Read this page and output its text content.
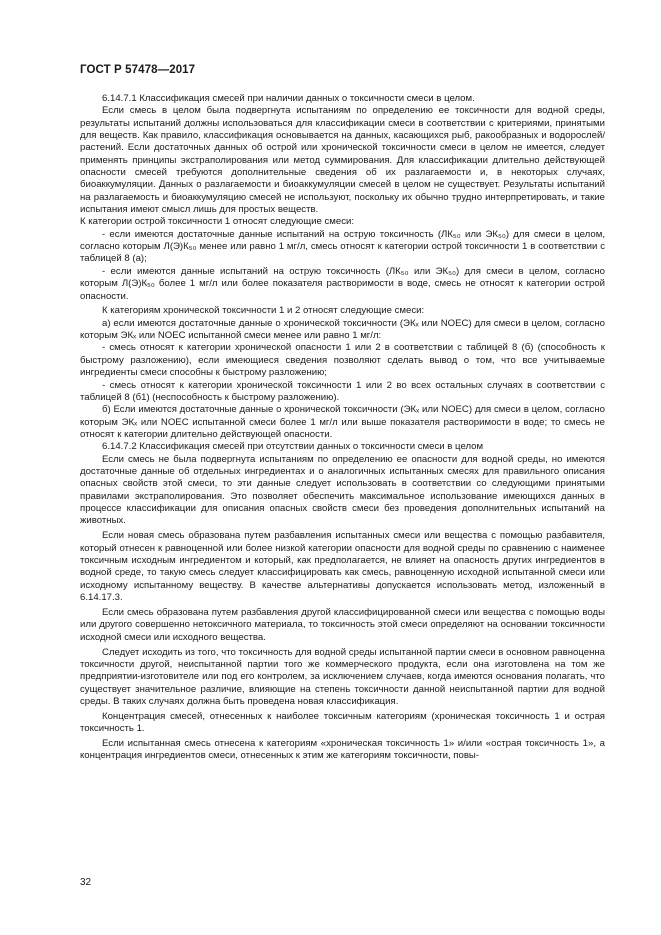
ГОСТ Р 57478—2017

6.14.7.1 Классификация смесей при наличии данных о токсичности смеси в целом.

Если смесь в целом была подвергнута испытаниям по определению ее токсичности для водной среды, результаты испытаний должны использоваться для классификации смеси в соответствии с критериями, принятыми для веществ. Как правило, классификация основывается на данных, касающихся рыб, ракообразных и водорослей/растений. Если достаточных данных об острой или хронической токсичности смеси в целом не имеется, следует применять принципы экстраполирования или метод суммирования. Для классификации длительно действующей опасности смесей требуются дополнительные сведения об их разлагаемости и, в некоторых случаях, биоаккумуляции. Данных о разлагаемости и биоаккумуляции смесей в целом не существует. Результаты испытаний на разлагаемость и биоаккумуляцию смесей не используют, поскольку их обычно трудно интерпретировать, и такие испытания имеют смысл лишь для простых веществ.

К категории острой токсичности 1 относят следующие смеси:

- если имеются достаточные данные испытаний на острую токсичность (ЛК₅₀ или ЭК₅₀) для смеси в целом, согласно которым Л(Э)К₅₀ менее или равно 1 мг/л, смесь относят к категории острой токсичности 1 в соответствии с таблицей 8 (а);

- если имеются данные испытаний на острую токсичность (ЛК₅₀ или ЭК₅₀) для смеси в целом, согласно которым Л(Э)К₅₀ более 1 мг/л или более показателя растворимости в воде, смесь не относят к категории острой опасности.

К категориям хронической токсичности 1 и 2 относят следующие смеси:

а) если имеются достаточные данные о хронической токсичности (ЭКₓ или NOEC) для смеси в целом, согласно которым ЭКₓ или NOEC испытанной смеси менее или равно 1 мг/л:

- смесь относят к категории хронической опасности 1 или 2 в соответствии с таблицей 8 (б) (способность к быстрому разложению), если имеющиеся сведения позволяют сделать вывод о том, что все учитываемые ингредиенты смеси способны к быстрому разложению;

- смесь относят к категории хронической токсичности 1 или 2 во всех остальных случаях в соответствии с таблицей 8 (б1) (неспособность к быстрому разложению).

б) Если имеются достаточные данные о хронической токсичности (ЭКₓ или NOEC) для смеси в целом, согласно которым ЭКₓ или NOEC испытанной смеси более 1 мг/л или выше показателя растворимости в воде; то смесь не относят к категории длительно действующей опасности.

6.14.7.2 Классификация смесей при отсутствии данных о токсичности смеси в целом

Если смесь не была подвергнута испытаниям по определению ее опасности для водной среды, но имеются достаточные данные об отдельных ингредиентах и о аналогичных испытанных смесях для правильного описания опасных свойств этой смеси, то эти данные следует использовать в соответствии со следующими принятыми правилами экстраполирования. Это позволяет обеспечить максимальное использование имеющихся данных в процессе классификации для описания опасных свойств смеси без проведения дополнительных испытаний на животных.

Если новая смесь образована путем разбавления испытанных смеси или вещества с помощью разбавителя, который отнесен к равноценной или более низкой категории опасности для водной среды по сравнению с наименее токсичным исходным ингредиентом и который, как предполагается, не влияет на опасность других ингредиентов в водной среде, то такую смесь следует классифицировать как смесь, равноценную исходной испытанной смеси или исходному испытанному веществу. В качестве альтернативы допускается использовать метод, изложенный в 6.14.17.3.

Если смесь образована путем разбавления другой классифицированной смеси или вещества с помощью воды или другого совершенно нетоксичного материала, то токсичность этой смеси определяют на основании токсичности исходной смеси или исходного вещества.

Следует исходить из того, что токсичность для водной среды испытанной партии смеси в основном равноценна токсичности другой, неиспытанной партии того же коммерческого продукта, если она изготовлена на том же предприятии-изготовителе или под его контролем, за исключением случаев, когда имеются основания полагать, что существует значительное различие, влияющие на степень токсичности данной неиспытанной партии для водной среды. В таких случаях должна быть проведена новая классификация.

Концентрация смесей, отнесенных к наиболее токсичным категориям (хроническая токсичность 1 и острая токсичность 1.

Если испытанная смесь отнесена к категориям «хроническая токсичность 1» и/или «острая токсичность 1», а концентрация ингредиентов смеси, отнесенных к этим же категориям токсичности, повы-

32
